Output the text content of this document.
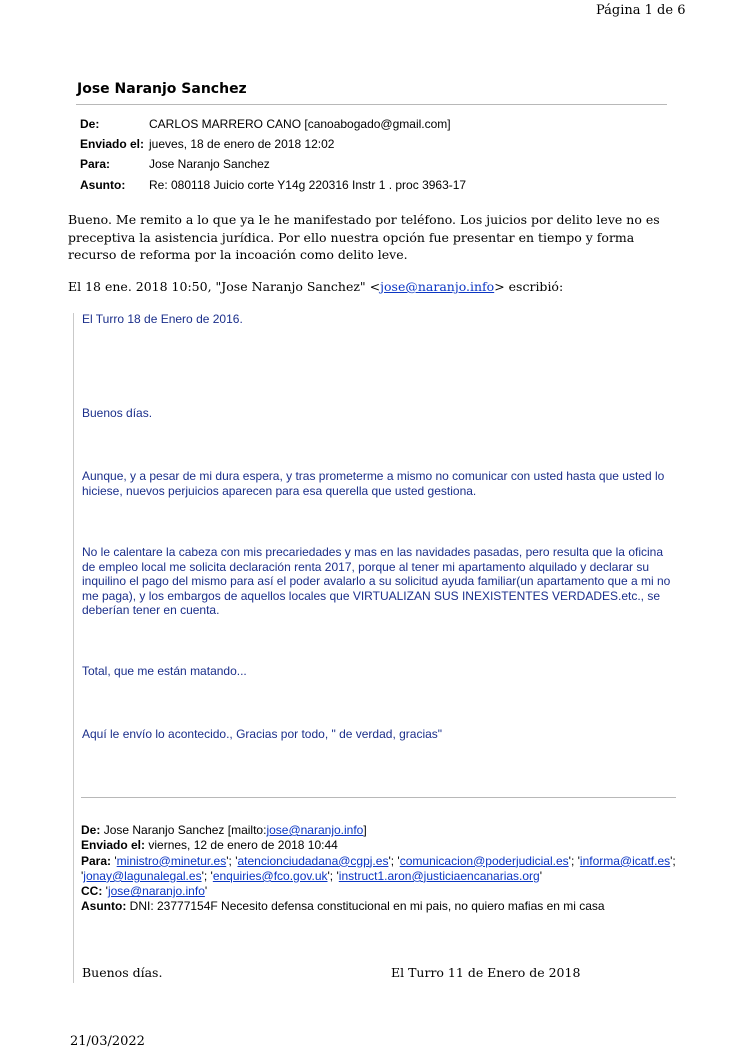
Página 1 de 6
Jose Naranjo Sanchez
De:	CARLOS MARRERO CANO [canoabogado@gmail.com]
Enviado el: jueves, 18 de enero de 2018 12:02
Para:	Jose Naranjo Sanchez
Asunto: Re: 080118 Juicio corte Y14g 220316 Instr 1 . proc 3963-17
Bueno. Me remito a lo que ya le he manifestado por teléfono. Los juicios por delito leve no es preceptiva la asistencia jurídica. Por ello nuestra opción fue presentar en tiempo y forma recurso de reforma por la incoación como delito leve.
El 18 ene. 2018 10:50, "Jose Naranjo Sanchez" <jose@naranjo.info> escribió:
El Turro 18 de Enero de 2016.
Buenos días.
Aunque, y a pesar de mi dura espera, y tras prometerme a mismo no comunicar con usted hasta que usted lo hiciese, nuevos perjuicios aparecen para esa querella que usted gestiona.
No le calentare la cabeza con mis precariedades y mas en las navidades pasadas, pero resulta que la oficina de empleo local me solicita declaración renta 2017, porque al tener mi apartamento alquilado y declarar su inquilino el pago del mismo para así el poder avalarlo a su solicitud ayuda familiar(un apartamento que a mi no me paga), y los embargos de aquellos locales que VIRTUALIZAN SUS INEXISTENTES VERDADES.etc., se deberían tener en cuenta.
Total, que me están matando...
Aquí le envío lo acontecido., Gracias por todo, " de verdad, gracias"
De: Jose Naranjo Sanchez [mailto:jose@naranjo.info]
Enviado el: viernes, 12 de enero de 2018 10:44
Para: 'ministro@minetur.es'; 'atencionciudadana@cgpj.es'; 'comunicacion@poderjudicial.es'; 'informa@icatf.es'; 'jonay@lagunalegal.es'; 'enquiries@fco.gov.uk'; 'instruct1.aron@justiciaencanarias.org'
CC: 'jose@naranjo.info'
Asunto: DNI: 23777154F Necesito defensa constitucional en mi pais, no quiero mafias en mi casa
Buenos días.	El Turro 11 de Enero de 2018
21/03/2022
